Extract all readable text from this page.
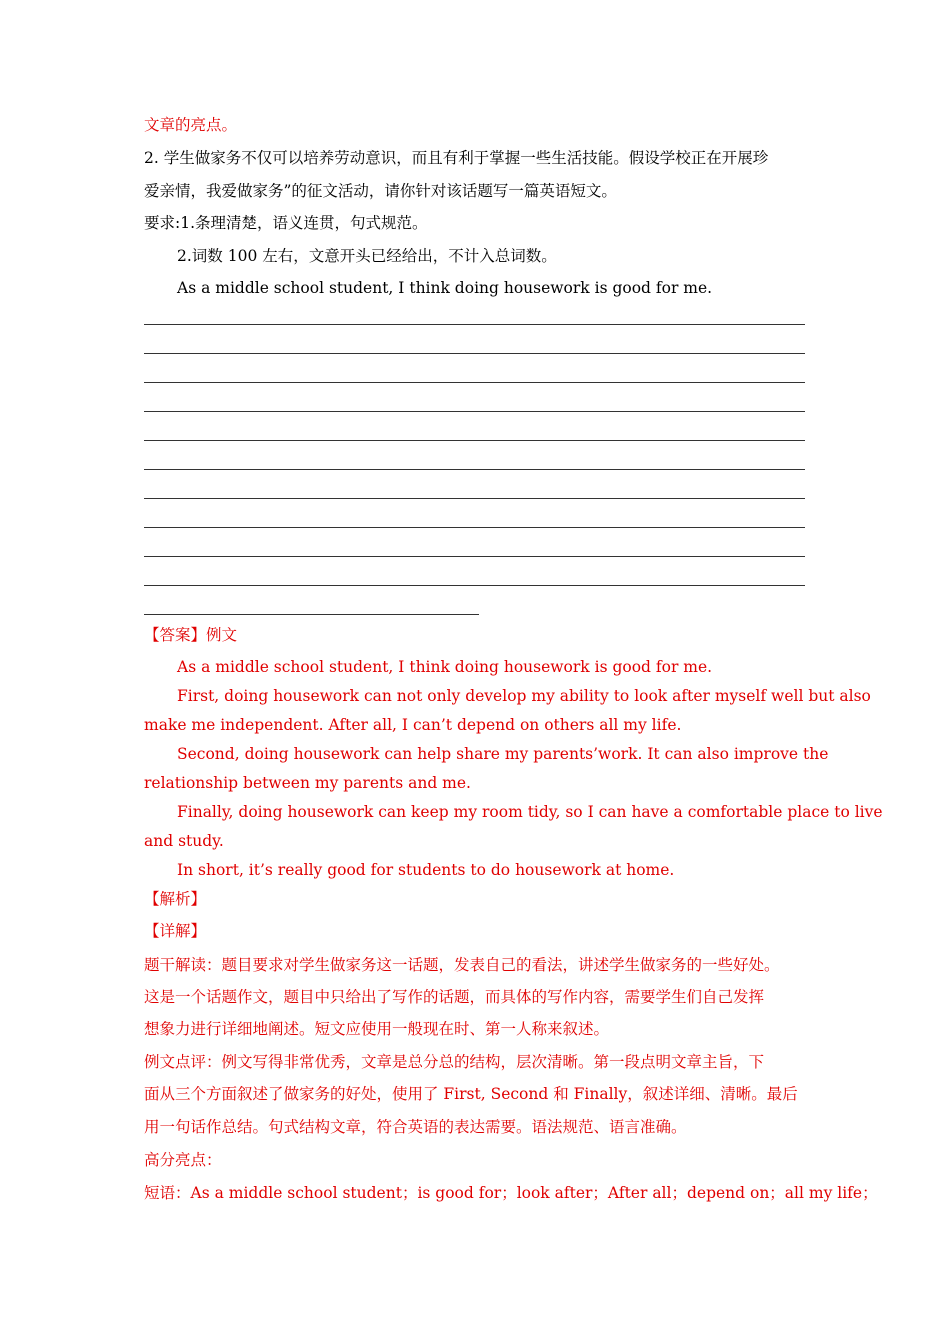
文章的亮点。
2. 学生做家务不仅可以培养劳动意识，而且有利于掌握一些生活技能。假设学校正在开展珍
爱亲情，我爱做家务”的征文活动，请你针对该话题写一篇英语短文。
要求:1.条理清楚，语义连贯，句式规范。
2.词数 100 左右，文意开头已经给出，不计入总词数。
As a middle school student, I think doing housework is good for me.
【答案】例文
As a middle school student, I think doing housework is good for me.
First, doing housework can not only develop my ability to look after myself well but also
make me independent. After all, I can’t depend on others all my life.
Second, doing housework can help share my parents’work. It can also improve the
relationship between my parents and me.
Finally, doing housework can keep my room tidy, so I can have a comfortable place to live
and study.
In short, it’s really good for students to do housework at home.
【解析】
【详解】
题干解读：题目要求对学生做家务这一话题，发表自己的看法，讲述学生做家务的一些好处。
这是一个话题作文，题目中只给出了写作的话题，而具体的写作内容，需要学生们自己发挥
想象力进行详细地阐述。短文应使用一般现在时、第一人称来叙述。
例文点评：例文写得非常优秀，文章是总分总的结构，层次清晰。第一段点明文章主旨，下
面从三个方面叙述了做家务的好处，使用了 First, Second 和 Finally，叙述详细、清晰。最后
用一句话作总结。句式结构文章，符合英语的表达需要。语法规范、语言准确。
高分亮点：
短语：As a middle school student；is good for；look after；After all；depend on；all my life；
